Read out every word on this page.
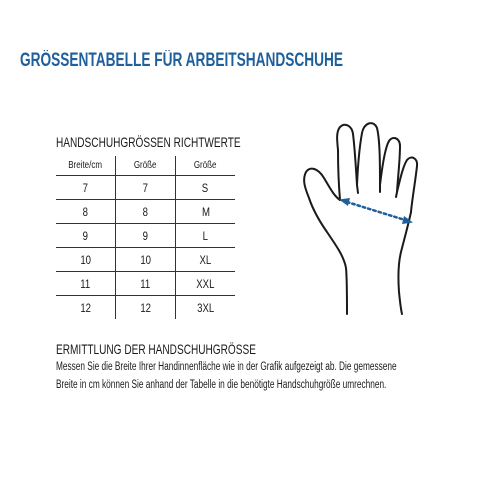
GRÖSSENTABELLE FÜR ARBEITSHANDSCHUHE
HANDSCHUHGRÖSSEN RICHTWERTE
Breite/cm	Größe	Größe
7	7	S
8	8	M
9	9	L
10	10	XL
11	11	XXL
12	12	3XL
ERMITTLUNG DER HANDSCHUHGRÖSSE

Messen Sie die Breite Ihrer Handinnenfläche wie in der Grafik aufgezeigt ab. Die gemessene
Breite in cm können Sie anhand der Tabelle in die benötigte Handschuhgröße umrechnen.
